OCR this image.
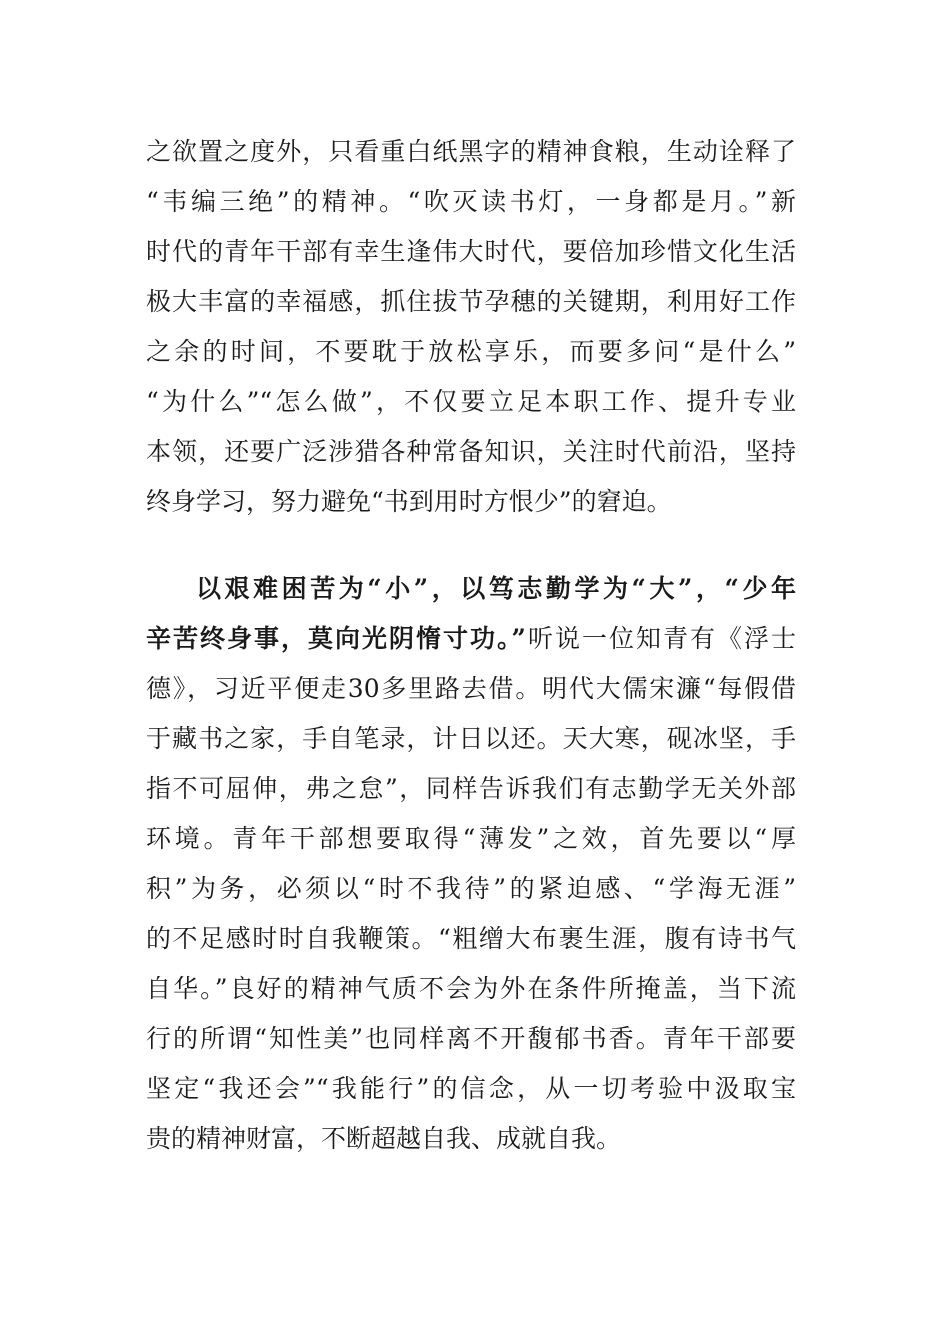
之欲置之度外，只看重白纸黑字的精神食粮，生动诠释了
“韦编三绝”的精神。“吹灭读书灯，一身都是月。”新
时代的青年干部有幸生逢伟大时代，要倍加珍惜文化生活
极大丰富的幸福感，抓住拔节孕穗的关键期，利用好工作
之余的时间，不要耽于放松享乐，而要多问“是什么”
“为什么”“怎么做”，不仅要立足本职工作、提升专业
本领，还要广泛涉猎各种常备知识，关注时代前沿，坚持
终身学习，努力避免“书到用时方恨少”的窘迫。
以艰难困苦为“小”，以笃志勤学为“大”，“少年
辛苦终身事，莫向光阴惰寸功。”听说一位知青有《浮士
德》，习近平便走30多里路去借。明代大儒宋濂“每假借
于藏书之家，手自笔录，计日以还。天大寒，砚冰坚，手
指不可屈伸，弗之怠”，同样告诉我们有志勤学无关外部
环境。青年干部想要取得“薄发”之效，首先要以“厚
积”为务，必须以“时不我待”的紧迫感、“学海无涯”
的不足感时时自我鞭策。“粗缯大布裹生涯，腹有诗书气
自华。”良好的精神气质不会为外在条件所掩盖，当下流
行的所谓“知性美”也同样离不开馥郁书香。青年干部要
坚定“我还会”“我能行”的信念，从一切考验中汲取宝
贵的精神财富，不断超越自我、成就自我。
